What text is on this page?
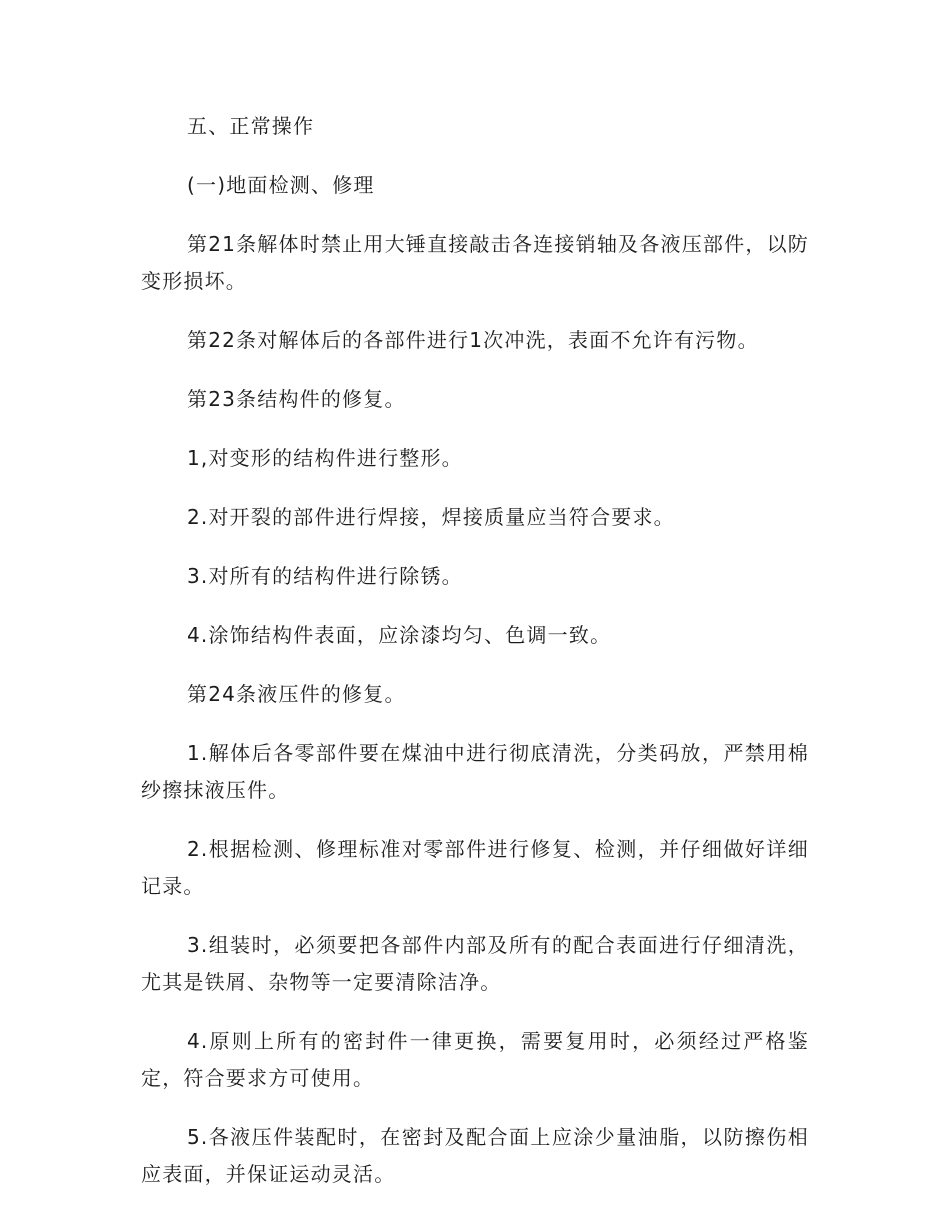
五、正常操作

(一)地面检测、修理

第21条解体时禁止用大锤直接敲击各连接销轴及各液压部件，以防变形损坏。

第22条对解体后的各部件进行1次冲洗，表面不允许有污物。

第23条结构件的修复。

1,对变形的结构件进行整形。

2.对开裂的部件进行焊接，焊接质量应当符合要求。

3.对所有的结构件进行除锈。

4.涂饰结构件表面，应涂漆均匀、色调一致。

第24条液压件的修复。

1.解体后各零部件要在煤油中进行彻底清洗，分类码放，严禁用棉纱擦抹液压件。

2.根据检测、修理标准对零部件进行修复、检测，并仔细做好详细记录。

3.组装时，必须要把各部件内部及所有的配合表面进行仔细清洗，尤其是铁屑、杂物等一定要清除洁净。

4.原则上所有的密封件一律更换，需要复用时，必须经过严格鉴定，符合要求方可使用。

5.各液压件装配时，在密封及配合面上应涂少量油脂，以防擦伤相应表面，并保证运动灵活。
